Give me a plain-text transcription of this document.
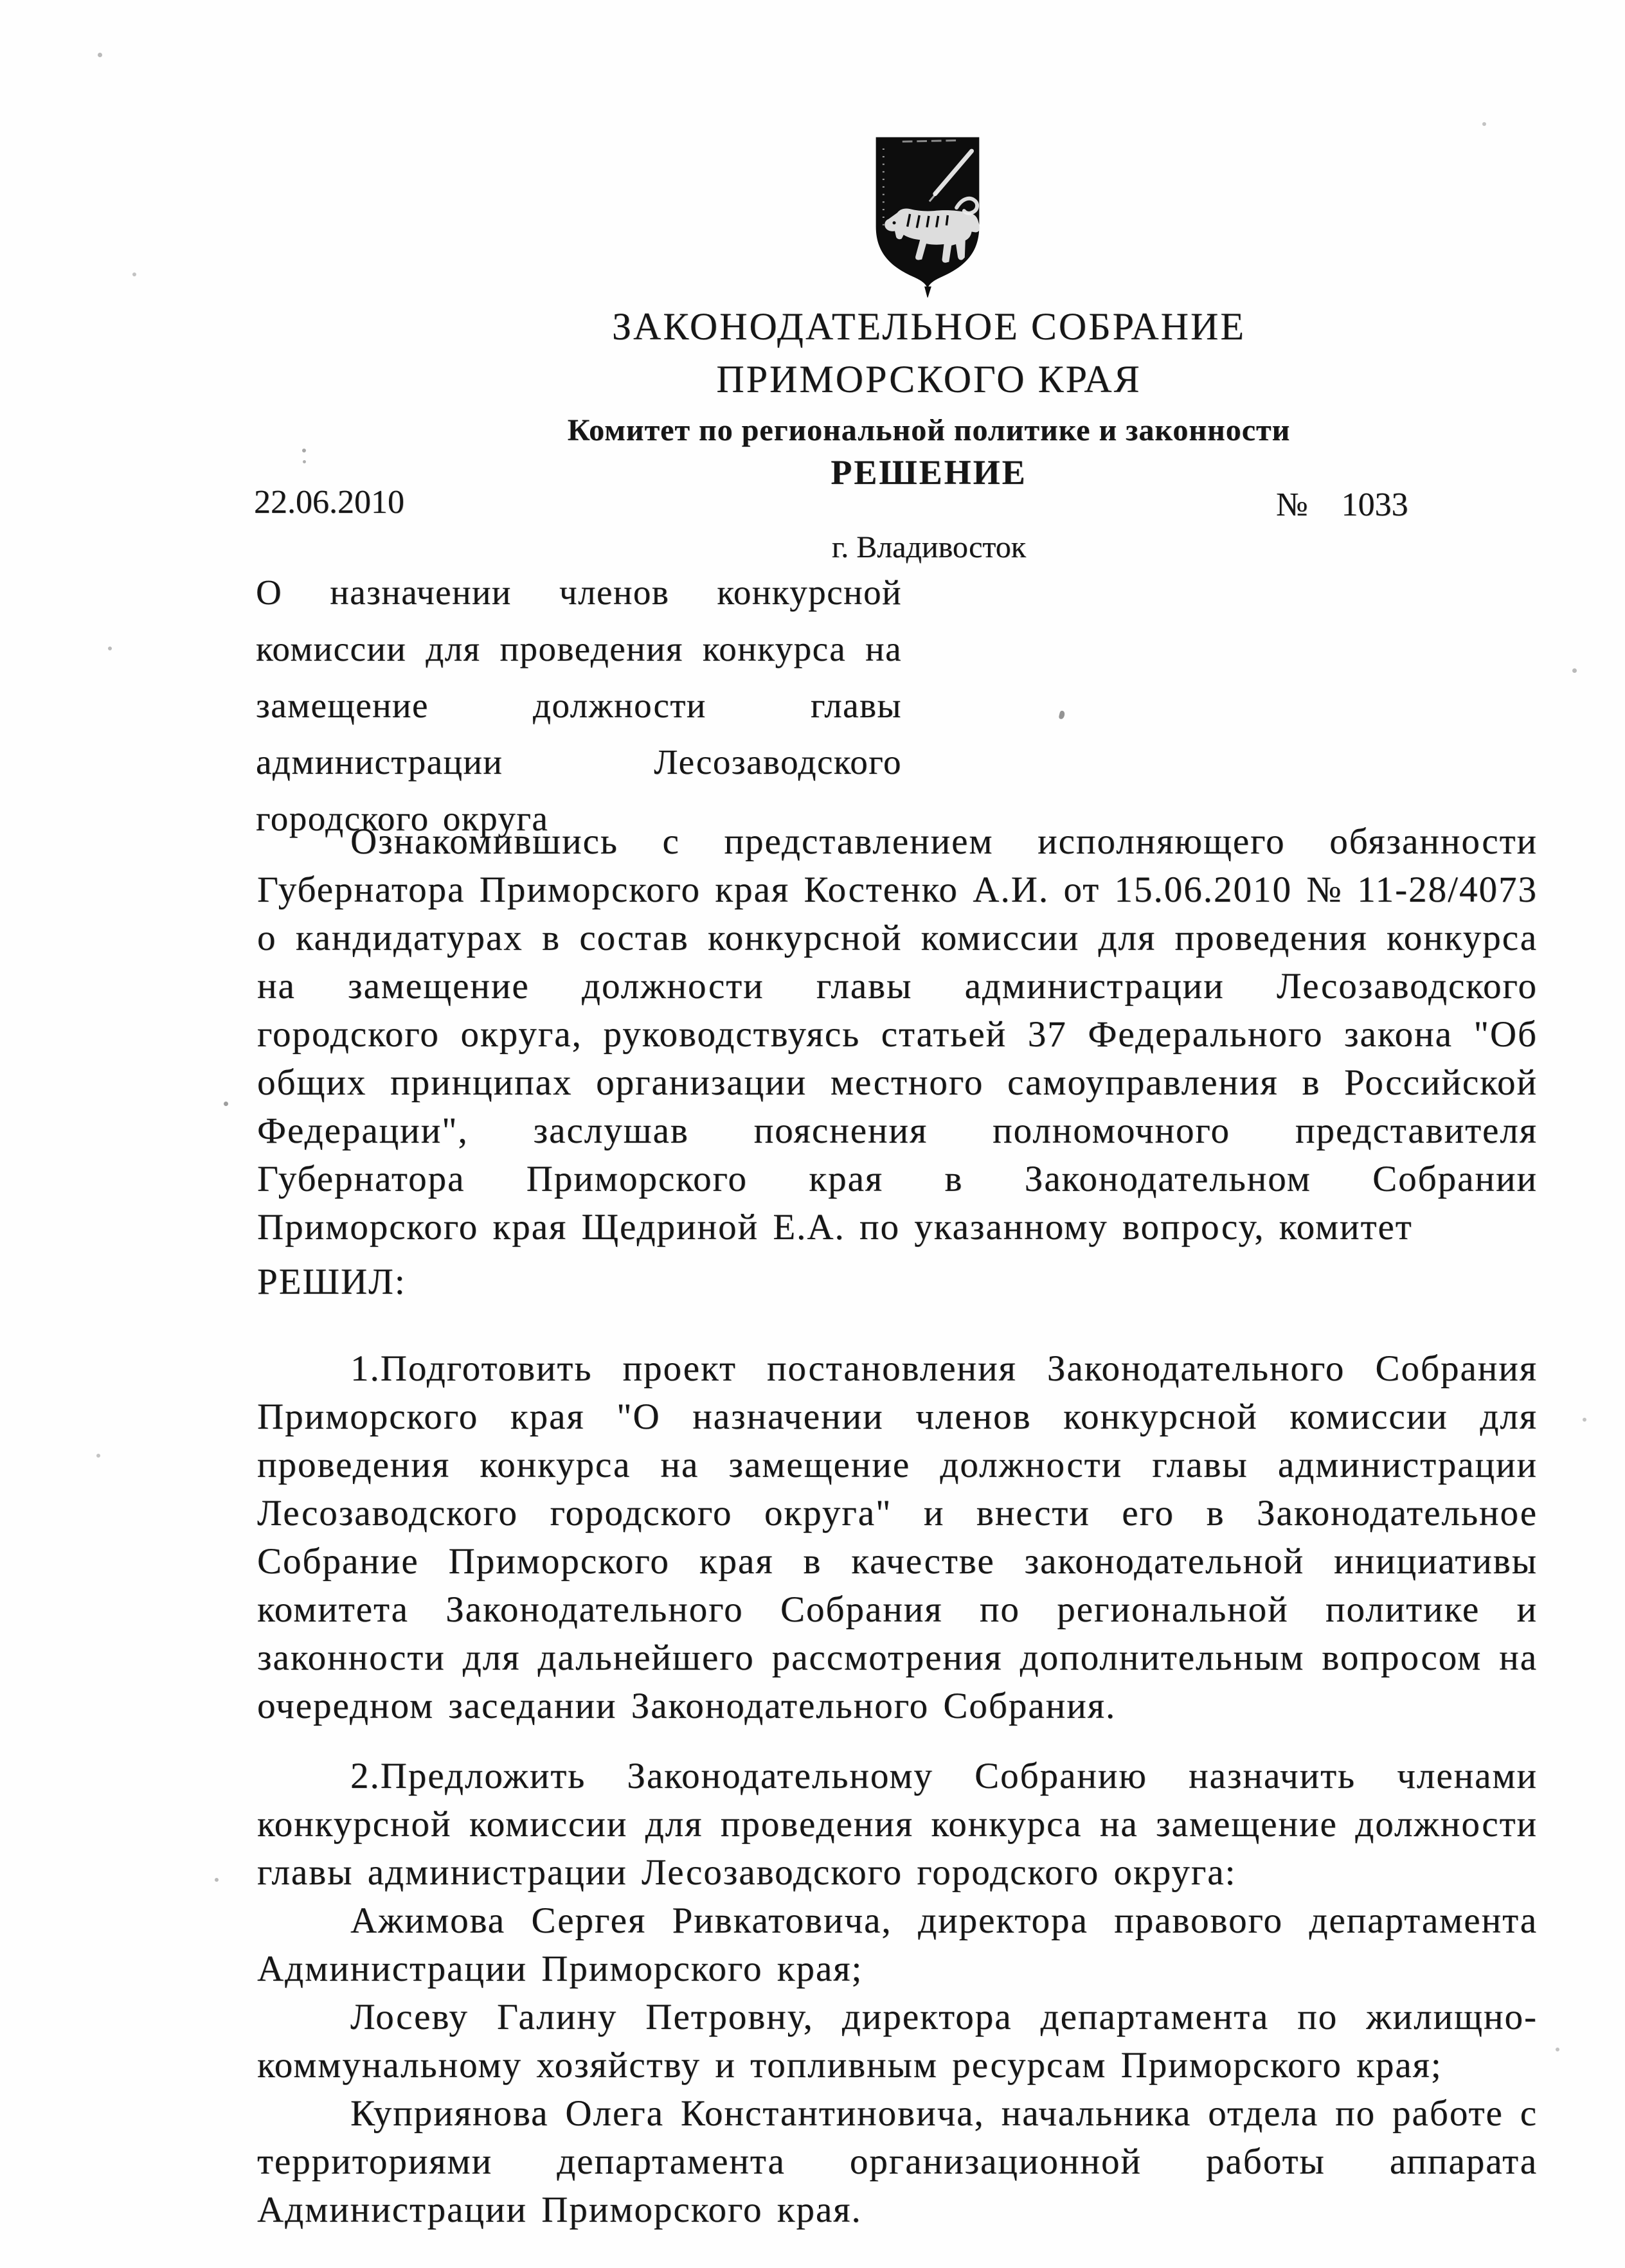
ЗАКОНОДАТЕЛЬНОЕ СОБРАНИЕ
ПРИМОРСКОГО КРАЯ
Комитет по региональной политике и законности
РЕШЕНИЕ
22.06.2010	№ 1033
г. Владивосток
О назначении членов конкурсной комиссии для проведения конкурса на замещение должности главы администрации Лесозаводского городского округа
Ознакомившись с представлением исполняющего обязанности Губернатора Приморского края Костенко А.И. от 15.06.2010 № 11-28/4073 о кандидатурах в состав конкурсной комиссии для проведения конкурса на замещение должности главы администрации Лесозаводского городского округа, руководствуясь статьей 37 Федерального закона "Об общих принципах организации местного самоуправления в Российской Федерации", заслушав пояснения полномочного представителя Губернатора Приморского края в Законодательном Собрании Приморского края Щедриной Е.А. по указанному вопросу, комитет
РЕШИЛ:
1.Подготовить проект постановления Законодательного Собрания Приморского края "О назначении членов конкурсной комиссии для проведения конкурса на замещение должности главы администрации Лесозаводского городского округа" и внести его в Законодательное Собрание Приморского края в качестве законодательной инициативы комитета Законодательного Собрания по региональной политике и законности для дальнейшего рассмотрения дополнительным вопросом на очередном заседании Законодательного Собрания.

2.Предложить Законодательному Собранию назначить членами конкурсной комиссии для проведения конкурса на замещение должности главы администрации Лесозаводского городского округа:

Ажимова Сергея Ривкатовича, директора правового департамента Администрации Приморского края;

Лосеву Галину Петровну, директора департамента по жилищно-коммунальному хозяйству и топливным ресурсам Приморского края;

Куприянова Олега Константиновича, начальника отдела по работе с территориями департамента организационной работы аппарата Администрации Приморского края.
